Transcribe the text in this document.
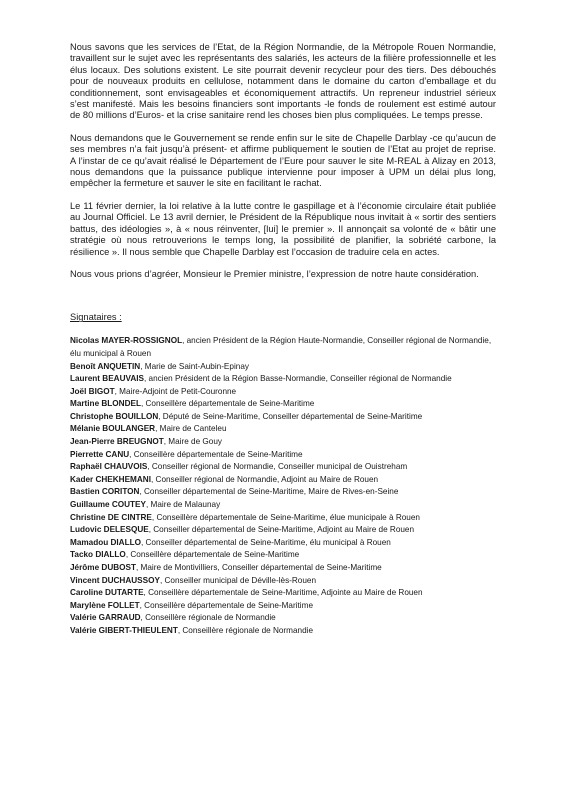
Nous savons que les services de l’Etat, de la Région Normandie, de la Métropole Rouen Normandie, travaillent sur le sujet avec les représentants des salariés, les acteurs de la filière professionnelle et les élus locaux. Des solutions existent. Le site pourrait devenir recycleur pour des tiers. Des débouchés pour de nouveaux produits en cellulose, notamment dans le domaine du carton d’emballage et du conditionnement, sont envisageables et économiquement attractifs. Un repreneur industriel sérieux s’est manifesté. Mais les besoins financiers sont importants -le fonds de roulement est estimé autour de 80 millions d’Euros- et la crise sanitaire rend les choses bien plus compliquées. Le temps presse.

Nous demandons que le Gouvernement se rende enfin sur le site de Chapelle Darblay -ce qu’aucun de ses membres n’a fait jusqu’à présent- et affirme publiquement le soutien de l’Etat au projet de reprise. A l’instar de ce qu’avait réalisé le Département de l’Eure pour sauver le site M-REAL à Alizay en 2013, nous demandons que la puissance publique intervienne pour imposer à UPM un délai plus long, empêcher la fermeture et sauver le site en facilitant le rachat.

Le 11 février dernier, la loi relative à la lutte contre le gaspillage et à l’économie circulaire était publiée au Journal Officiel. Le 13 avril dernier, le Président de la République nous invitait à « sortir des sentiers battus, des idéologies », à « nous réinventer, [lui] le premier ». Il annonçait sa volonté de « bâtir une stratégie où nous retrouverions le temps long, la possibilité de planifier, la sobriété carbone, la résilience ». Il nous semble que Chapelle Darblay est l’occasion de traduire cela en actes.

Nous vous prions d’agréer, Monsieur le Premier ministre, l’expression de notre haute considération.

Signataires :

Nicolas MAYER-ROSSIGNOL, ancien Président de la Région Haute-Normandie, Conseiller régional de Normandie, élu municipal à Rouen
Benoît ANQUETIN, Marie de Saint-Aubin-Epinay
Laurent BEAUVAIS, ancien Président de la Région Basse-Normandie, Conseiller régional de Normandie
Joël BIGOT, Maire-Adjoint de Petit-Couronne
Martine BLONDEL, Conseillère départementale de Seine-Maritime
Christophe BOUILLON, Député de Seine-Maritime, Conseiller départemental de Seine-Maritime
Mélanie BOULANGER, Maire de Canteleu
Jean-Pierre BREUGNOT, Maire de Gouy
Pierrette CANU, Conseillère départementale de Seine-Maritime
Raphaël CHAUVOIS, Conseiller régional de Normandie, Conseiller municipal de Ouistreham
Kader CHEKHEMANI, Conseiller régional de Normandie, Adjoint au Maire de Rouen
Bastien CORITON, Conseiller départemental de Seine-Maritime, Maire de Rives-en-Seine
Guillaume COUTEY, Maire de Malaunay
Christine DE CINTRE, Conseillère départementale de Seine-Maritime, élue municipale à Rouen
Ludovic DELESQUE, Conseiller départemental de Seine-Maritime, Adjoint au Maire de Rouen
Mamadou DIALLO, Conseiller départemental de Seine-Maritime, élu municipal à Rouen
Tacko DIALLO, Conseillère départementale de Seine-Maritime
Jérôme DUBOST, Maire de Montivilliers, Conseiller départemental de Seine-Maritime
Vincent DUCHAUSSOY, Conseiller municipal de Déville-lès-Rouen
Caroline DUTARTE, Conseillère départementale de Seine-Maritime, Adjointe au Maire de Rouen
Marylène FOLLET, Conseillère départementale de Seine-Maritime
Valérie GARRAUD, Conseillère régionale de Normandie
Valérie GIBERT-THIEULENT, Conseillère régionale de Normandie
